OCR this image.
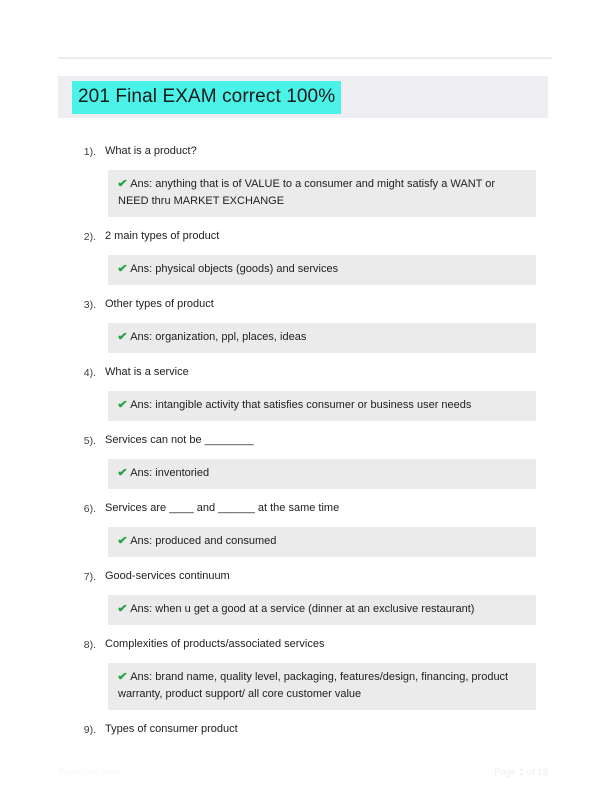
201 Final EXAM correct 100%
1). What is a product?
✔ Ans: anything that is of VALUE to a consumer and might satisfy a WANT or NEED thru MARKET EXCHANGE
2). 2 main types of product
✔ Ans: physical objects (goods) and services
3). Other types of product
✔ Ans: organization, ppl, places, ideas
4). What is a service
✔ Ans: intangible activity that satisfies consumer or business user needs
5). Services can not be ________
✔ Ans: inventoried
6). Services are ____ and ______ at the same time
✔ Ans: produced and consumed
7). Good-services continuum
✔ Ans: when u get a good at a service (dinner at an exclusive restaurant)
8). Complexities of products/associated services
✔ Ans: brand name, quality level, packaging, features/design, financing, product warranty, product support/ all core customer value
9). Types of consumer product
PaperStic.com	Page 1 of 18
